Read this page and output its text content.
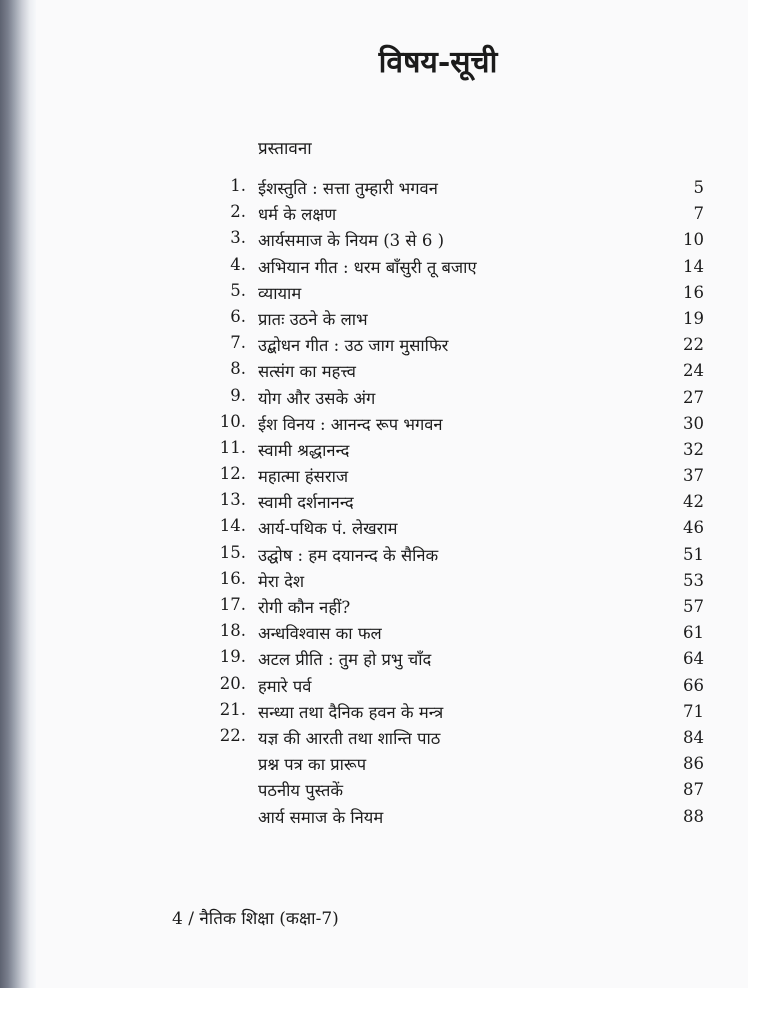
विषय-सूची
प्रस्तावना
1. ईशस्तुति : सत्ता तुम्हारी भगवन	5
2. धर्म के लक्षण	7
3. आर्यसमाज के नियम (3 से 6 )	10
4. अभियान गीत : धरम बाँसुरी तू बजाए	14
5. व्यायाम	16
6. प्रातः उठने के लाभ	19
7. उद्बोधन गीत : उठ जाग मुसाफिर	22
8. सत्संग का महत्त्व	24
9. योग और उसके अंग	27
10. ईश विनय : आनन्द रूप भगवन	30
11. स्वामी श्रद्धानन्द	32
12. महात्मा हंसराज	37
13. स्वामी दर्शनानन्द	42
14. आर्य-पथिक पं. लेखराम	46
15. उद्घोष : हम दयानन्द के सैनिक	51
16. मेरा देश	53
17. रोगी कौन नहीं?	57
18. अन्धविश्वास का फल	61
19. अटल प्रीति : तुम हो प्रभु चाँद	64
20. हमारे पर्व	66
21. सन्ध्या तथा दैनिक हवन के मन्त्र	71
22. यज्ञ की आरती तथा शान्ति पाठ	84
प्रश्न पत्र का प्रारूप	86
पठनीय पुस्तकें	87
आर्य समाज के नियम	88
4 / नैतिक शिक्षा (कक्षा-7)
